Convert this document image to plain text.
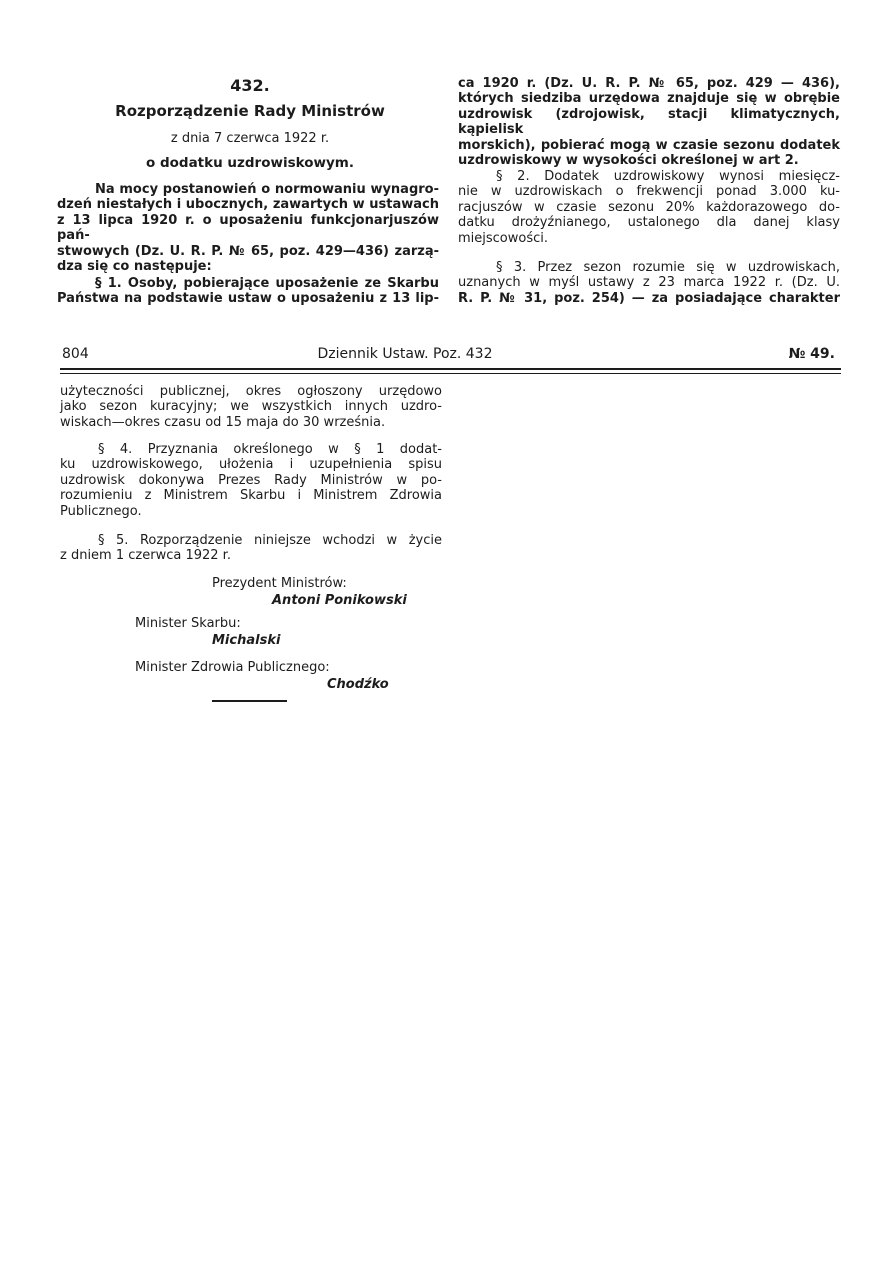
432.
Rozporządzenie Rady Ministrów
z dnia 7 czerwca 1922 r.
o dodatku uzdrowiskowym.
Na mocy postanowień o normowaniu wynagro-
dzeń niestałych i ubocznych, zawartych w ustawach
z 13 lipca 1920 r. o uposażeniu funkcjonarjuszów pań-
stwowych (Dz. U. R. P. № 65, poz. 429—436) zarzą-
dza się co następuje:
§ 1. Osoby, pobierające uposażenie ze Skarbu
Państwa na podstawie ustaw o uposażeniu z 13 lip-
ca 1920 r. (Dz. U. R. P. № 65, poz. 429 — 436),
których siedziba urzędowa znajduje się w obrębie
uzdrowisk (zdrojowisk, stacji klimatycznych, kąpielisk
morskich), pobierać mogą w czasie sezonu dodatek
uzdrowiskowy w wysokości określonej w art 2.
§ 2. Dodatek uzdrowiskowy wynosi miesięcz-
nie w uzdrowiskach o frekwencji ponad 3.000 ku-
racjuszów w czasie sezonu 20% każdorazowego do-
datku drożyźnianego, ustalonego dla danej klasy
miejscowości.
§ 3. Przez sezon rozumie się w uzdrowiskach,
uznanych w myśl ustawy z 23 marca 1922 r. (Dz. U.
R. P. № 31, poz. 254) — za posiadające charakter
804	Dziennik Ustaw. Poz. 432	№ 49.
użyteczności publicznej, okres ogłoszony urzędowo
jako sezon kuracyjny; we wszystkich innych uzdro-
wiskach—okres czasu od 15 maja do 30 września.
§ 4. Przyznania określonego w § 1 dodat-
ku uzdrowiskowego, ułożenia i uzupełnienia spisu
uzdrowisk dokonywa Prezes Rady Ministrów w po-
rozumieniu z Ministrem Skarbu i Ministrem Zdrowia
Publicznego.
§ 5. Rozporządzenie niniejsze wchodzi w życie
z dniem 1 czerwca 1922 r.
Prezydent Ministrów:
Antoni Ponikowski
Minister Skarbu:
Michalski
Minister Zdrowia Publicznego:
Chodźko
